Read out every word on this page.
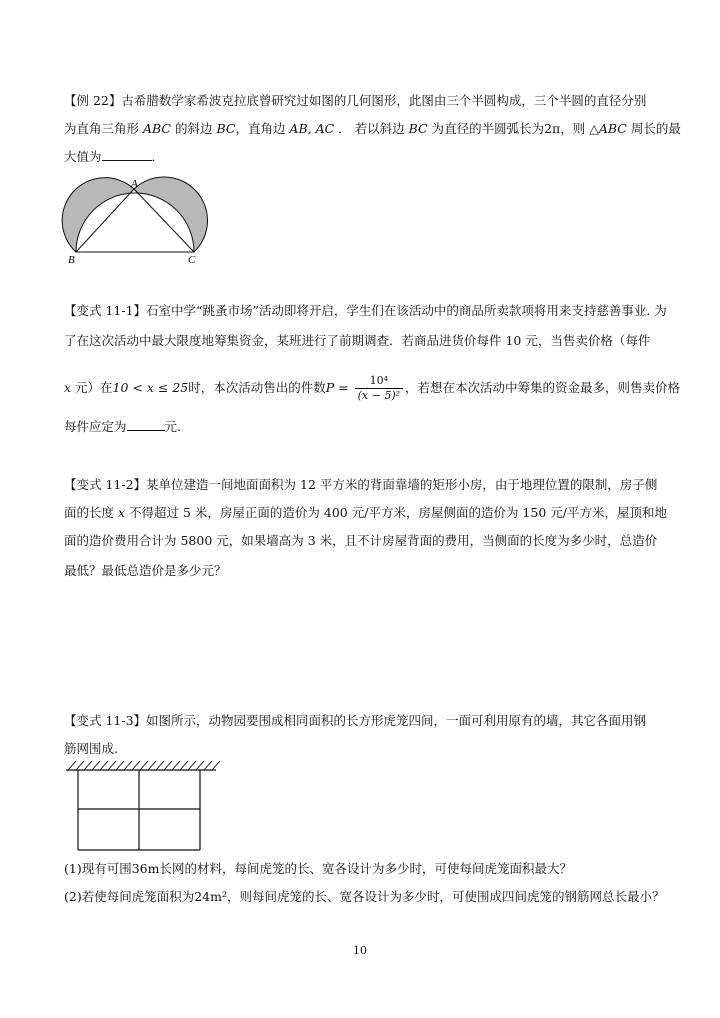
【例 22】古希腊数学家希波克拉底曾研究过如图的几何图形，此图由三个半圆构成，三个半圆的直径分别
为直角三角形 ABC 的斜边 BC，直角边 AB, AC ． 若以斜边 BC 为直径的半圆弧长为2π，则 △ABC 周长的最
大值为	．
A
B	C
【变式 11-1】石室中学“跳蚤市场”活动即将开启，学生们在该活动中的商品所卖款项将用来支持慈善事业. 为
了在这次活动中最大限度地筹集资金，某班进行了前期调查．若商品进货价每件 10 元，当售卖价格（每件
x 元）在10 < x ≤ 25时，本次活动售出的件数$P = \frac{\text{10⁴}}{\text{(x − 5)²}}$ ，若想在本次活动中筹集的资金最多，则售卖价格
每件应定为	元.
【变式 11-2】某单位建造一间地面面积为 12 平方米的背面靠墙的矩形小房，由于地理位置的限制，房子侧
面的长度 x 不得超过 5 米，房屋正面的造价为 400 元/平方米，房屋侧面的造价为 150 元/平方米，屋顶和地
面的造价费用合计为 5800 元，如果墙高为 3 米，且不计房屋背面的费用，当侧面的长度为多少时，总造价
最低？最低总造价是多少元？
【变式 11-3】如图所示，动物园要围成相同面积的长方形虎笼四间，一面可利用原有的墙，其它各面用钢
筋网围成.
(1)现有可围36m长网的材料，每间虎笼的长、宽各设计为多少时，可使每间虎笼面积最大？
(2)若使每间虎笼面积为24m²，则每间虎笼的长、宽各设计为多少时，可使围成四间虎笼的钢筋网总长最小？
10
